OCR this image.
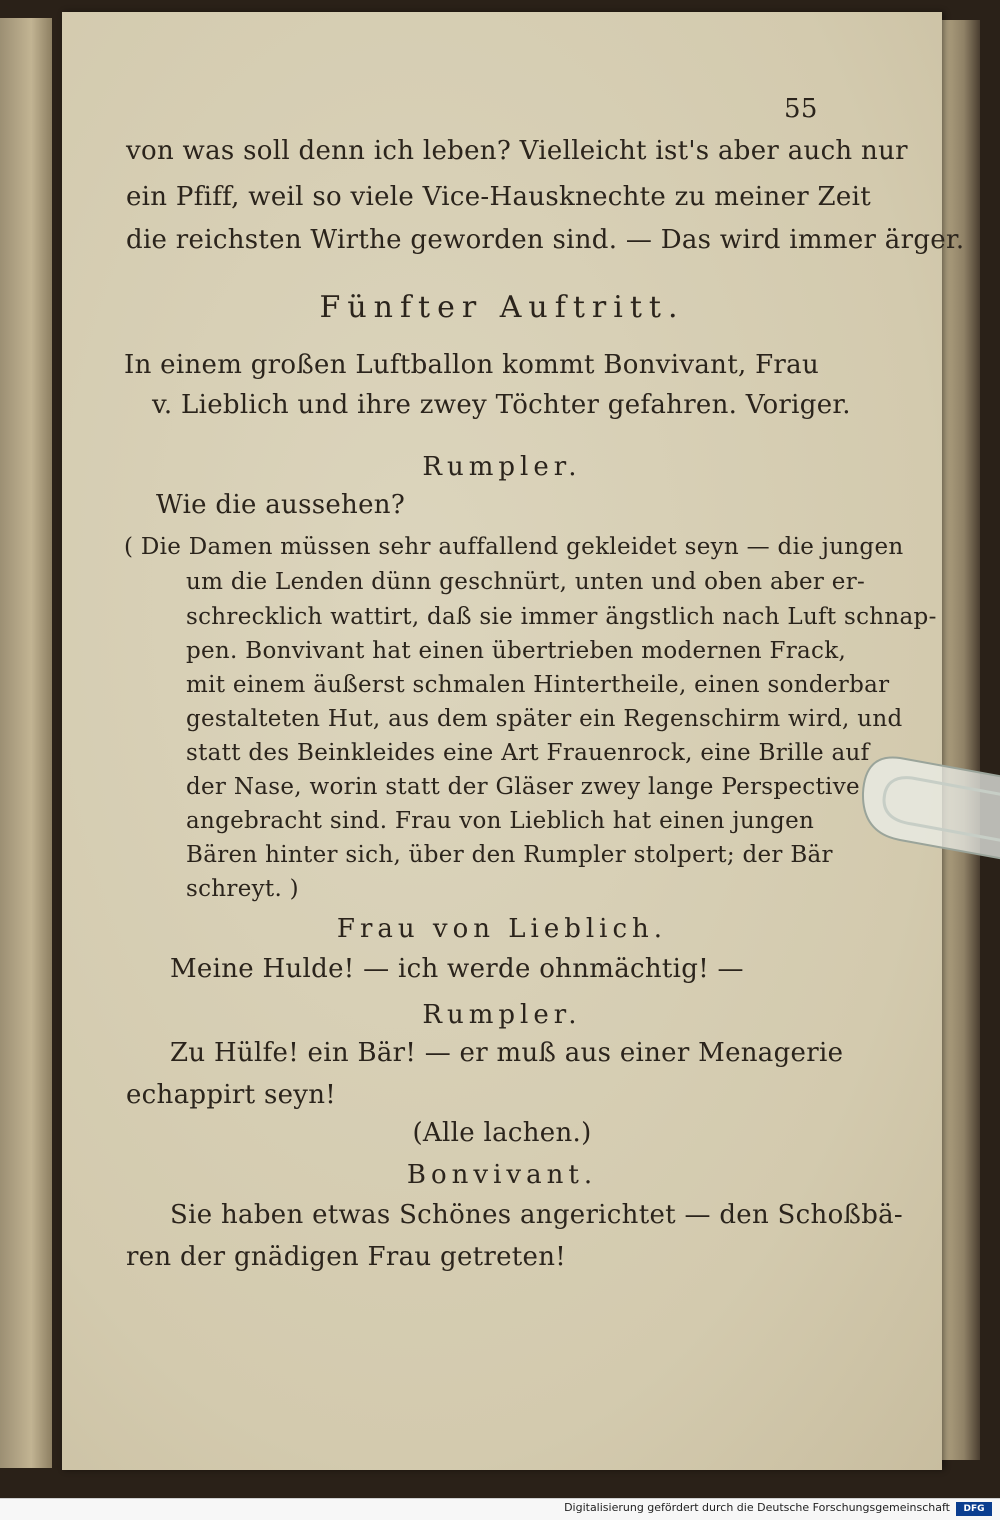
55
von was soll denn ich leben? Vielleicht ist's aber auch nur
ein Pfiff, weil so viele Vice-Hausknechte zu meiner Zeit
die reichsten Wirthe geworden sind. — Das wird immer ärger.
Fünfter Auftritt.
In einem großen Luftballon kommt Bonvivant, Frau
v. Lieblich und ihre zwey Töchter gefahren. Voriger.
Rumpler.
Wie die aussehen?
( Die Damen müssen sehr auffallend gekleidet seyn — die jungen
um die Lenden dünn geschnürt, unten und oben aber er-
schrecklich wattirt, daß sie immer ängstlich nach Luft schnap-
pen. Bonvivant hat einen übertrieben modernen Frack,
mit einem äußerst schmalen Hintertheile, einen sonderbar
gestalteten Hut, aus dem später ein Regenschirm wird, und
statt des Beinkleides eine Art Frauenrock, eine Brille auf
der Nase, worin statt der Gläser zwey lange Perspective
angebracht sind. Frau von Lieblich hat einen jungen
Bären hinter sich, über den Rumpler stolpert; der Bär
schreyt. )
Frau von Lieblich.
Meine Hulde! — ich werde ohnmächtig! —
Rumpler.
Zu Hülfe! ein Bär! — er muß aus einer Menagerie
echappirt seyn!
(Alle lachen.)
Bonvivant.
Sie haben etwas Schönes angerichtet — den Schoßbä-
ren der gnädigen Frau getreten!
Digitalisierung gefördert durch die Deutsche Forschungsgemeinschaft	DFG
